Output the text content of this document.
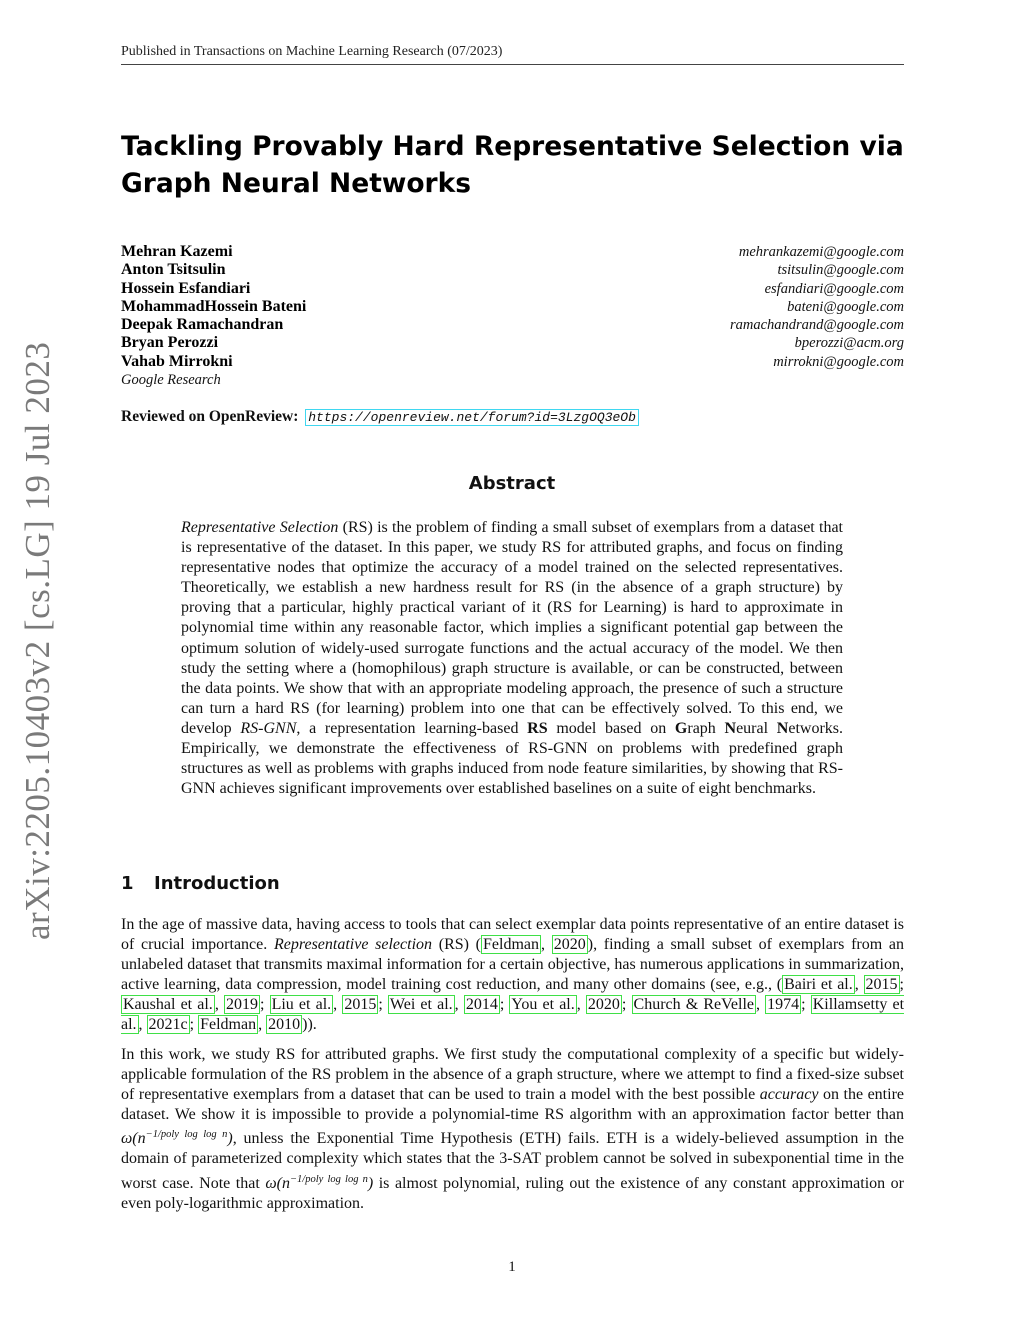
Published in Transactions on Machine Learning Research (07/2023)
arXiv:2205.10403v2 [cs.LG] 19 Jul 2023
Tackling Provably Hard Representative Selection via Graph Neural Networks
Mehran Kazemi	mehrankazemi@google.com
Anton Tsitsulin	tsitsulin@google.com
Hossein Esfandiari	esfandiari@google.com
MohammadHossein Bateni	bateni@google.com
Deepak Ramachandran	ramachandrand@google.com
Bryan Perozzi	bperozzi@acm.org
Vahab Mirrokni	mirrokni@google.com
Google Research
Reviewed on OpenReview: https://openreview.net/forum?id=3LzgOQ3eOb
Abstract

Representative Selection (RS) is the problem of finding a small subset of exemplars from a dataset that is representative of the dataset. In this paper, we study RS for attributed graphs, and focus on finding representative nodes that optimize the accuracy of a model trained on the selected representatives. Theoretically, we establish a new hardness result for RS (in the absence of a graph structure) by proving that a particular, highly practical variant of it (RS for Learning) is hard to approximate in polynomial time within any reasonable factor, which implies a significant potential gap between the optimum solution of widely-used surrogate functions and the actual accuracy of the model. We then study the setting where a (homophilous) graph structure is available, or can be constructed, between the data points. We show that with an appropriate modeling approach, the presence of such a structure can turn a hard RS (for learning) problem into one that can be effectively solved. To this end, we develop RS-GNN, a representation learning-based RS model based on Graph Neural Networks. Empirically, we demonstrate the effectiveness of RS-GNN on problems with predefined graph structures as well as problems with graphs induced from node feature similarities, by showing that RS-GNN achieves significant improvements over established baselines on a suite of eight benchmarks.

1 Introduction

In the age of massive data, having access to tools that can select exemplar data points representative of an entire dataset is of crucial importance. Representative selection (RS) ( Feldman , 2020 ), finding a small subset of exemplars from an unlabeled dataset that transmits maximal information for a certain objective, has numerous applications in summarization, active learning, data compression, model training cost reduction, and many other domains (see, e.g., ( Bairi et al. , 2015 ; Kaushal et al. , 2019 ; Liu et al. , 2015 ; Wei et al. , 2014 ; You et al. , 2020 ; Church & ReVelle , 1974 ; Killamsetty et al. , 2021c ; Feldman , 2010 )).

In this work, we study RS for attributed graphs. We first study the computational complexity of a specific but widely-applicable formulation of the RS problem in the absence of a graph structure, where we attempt to find a fixed-size subset of representative exemplars from a dataset that can be used to train a model with the best possible accuracy on the entire dataset. We show it is impossible to provide a polynomial-time RS algorithm with an approximation factor better than $\omega(n^{-1/poly log log n})$, unless the Exponential Time Hypothesis (ETH) fails. ETH is a widely-believed assumption in the domain of parameterized complexity which states that the 3-SAT problem cannot be solved in subexponential time in the worst case. Note that $\omega(n^{-1/poly log log n})$ is almost polynomial, ruling out the existence of any constant approximation or even poly-logarithmic approximation.

1
